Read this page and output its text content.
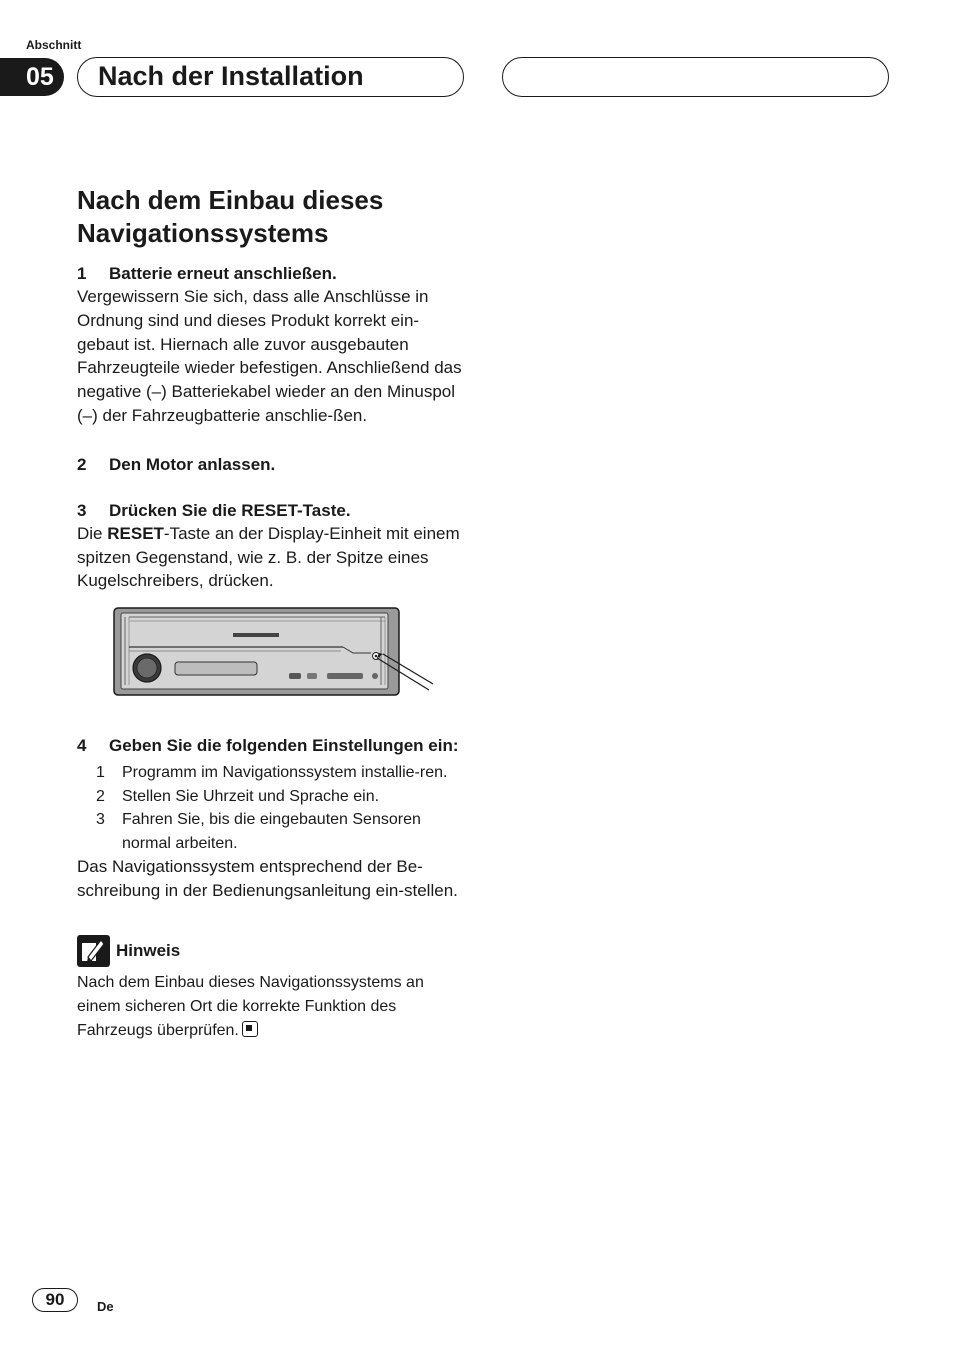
Abschnitt
05	Nach der Installation
Nach dem Einbau dieses Navigationssystems
1 Batterie erneut anschließen.

Vergewissern Sie sich, dass alle Anschlüsse in Ordnung sind und dieses Produkt korrekt ein-gebaut ist. Hiernach alle zuvor ausgebauten Fahrzeugteile wieder befestigen. Anschließend das negative (–) Batteriekabel wieder an den Minuspol (–) der Fahrzeugbatterie anschlie-ßen.

2 Den Motor anlassen.
3 Drücken Sie die RESET-Taste.

Die RESET-Taste an der Display-Einheit mit einem spitzen Gegenstand, wie z. B. der Spitze eines Kugelschreibers, drücken.

4 Geben Sie die folgenden Einstellungen ein:
1 Programm im Navigationssystem installie-ren.
2 Stellen Sie Uhrzeit und Sprache ein.
3 Fahren Sie, bis die eingebauten Sensoren normal arbeiten.

Das Navigationssystem entsprechend der Be-schreibung in der Bedienungsanleitung ein-stellen.

Hinweis

Nach dem Einbau dieses Navigationssystems an einem sicheren Ort die korrekte Funktion des Fahrzeugs überprüfen.

90	De
